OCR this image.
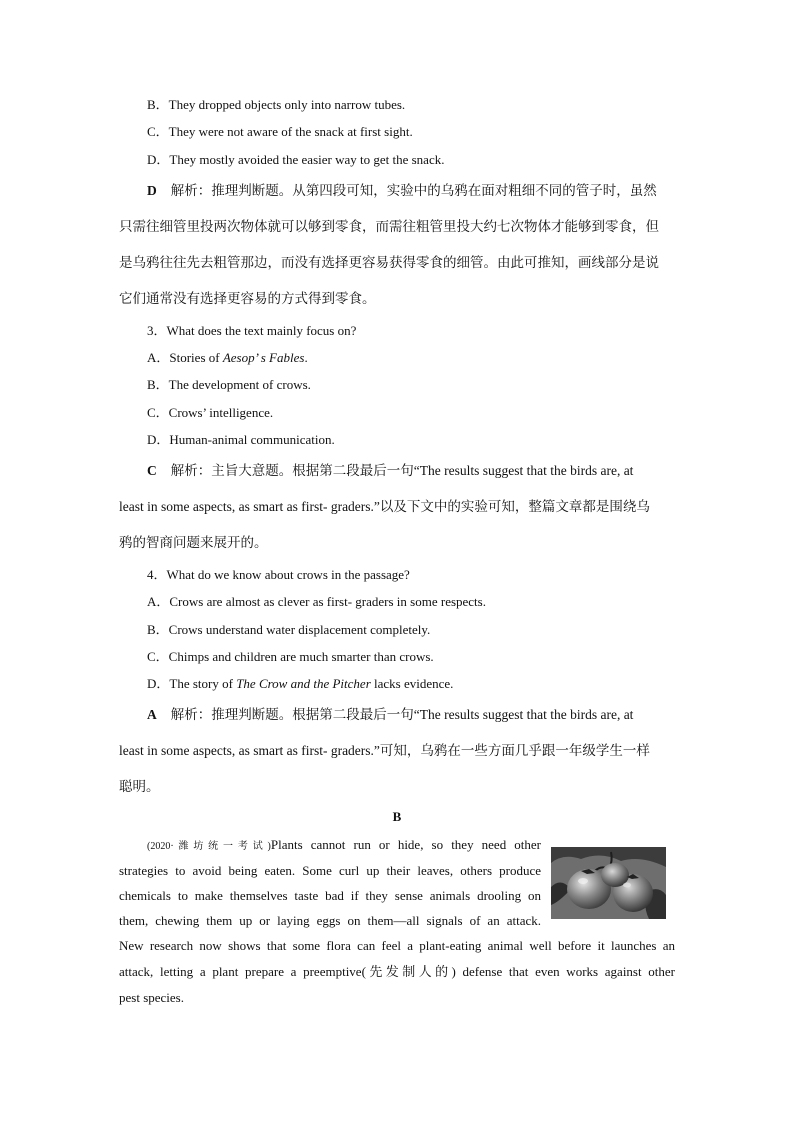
B．They dropped objects only into narrow tubes.
C．They were not aware of the snack at first sight.
D．They mostly avoided the easier way to get the snack.
D 解析：推理判断题。从第四段可知，实验中的乌鸦在面对粗细不同的管子时，虽然
只需往细管里投两次物体就可以够到零食，而需往粗管里投大约七次物体才能够到零食，但
是乌鸦往往先去粗管那边，而没有选择更容易获得零食的细管。由此可推知，画线部分是说
它们通常没有选择更容易的方式得到零食。
3．What does the text mainly focus on?
A．Stories of Aesop’ s Fables.
B．The development of crows.
C．Crows’ intelligence.
D．Human-animal communication.
C 解析：主旨大意题。根据第二段最后一句“The results suggest that the birds are, at
least in some aspects, as smart as first- graders.”以及下文中的实验可知，整篇文章都是围绕乌
鸦的智商问题来展开的。
4．What do we know about crows in the passage?
A．Crows are almost as clever as first- graders in some respects.
B．Crows understand water displacement completely.
C．Chimps and children are much smarter than crows.
D．The story of The Crow and the Pitcher lacks evidence.
A 解析：推理判断题。根据第二段最后一句“The results suggest that the birds are, at
least in some aspects, as smart as first- graders.”可知，乌鸦在一些方面几乎跟一年级学生一样
聪明。
B
(2020·潍坊统一考试)Plants cannot run or hide, so they need other
strategies to avoid being eaten. Some curl up their leaves, others produce
chemicals to make themselves taste bad if they sense animals drooling on
them, chewing them up or laying eggs on them—all signals of an attack.
New research now shows that some flora can feel a plant-eating animal well before it launches an
attack, letting a plant prepare a preemptive(先发制人的) defense that even works against other
pest species.
